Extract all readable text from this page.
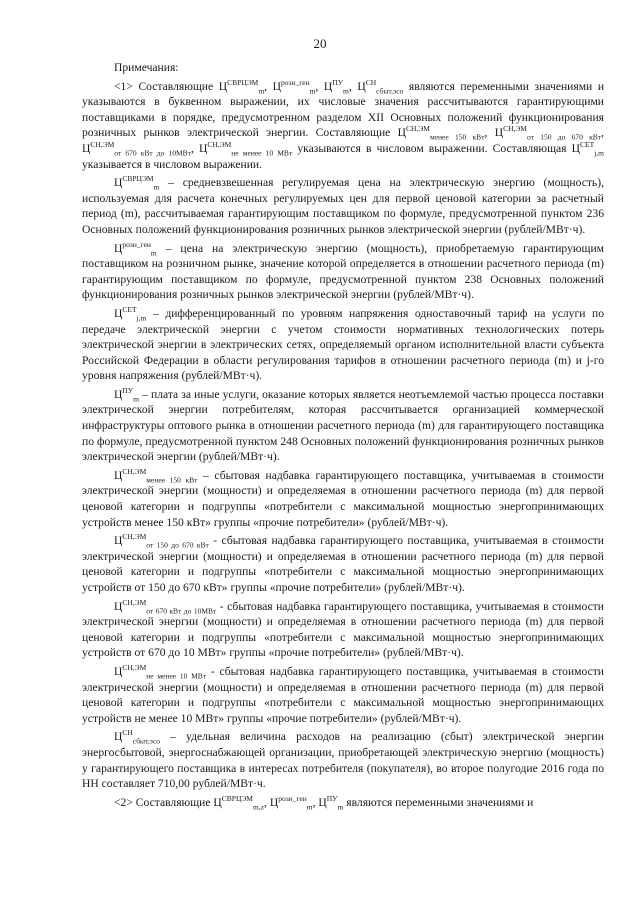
20

Примечания:

<1> Составляющие $Ц^{СВРЦЭМ}_m$, $Ц^{розн\_ген}_m$, $Ц^{ПУ}_m$, $Ц^{СН}_{сбыт,эсо}$ являются переменными значениями и указываются в буквенном выражении, их числовые значения рассчитываются гарантирующими поставщиками в порядке, предусмотренном разделом XII Основных положений функционирования розничных рынков электрической энергии. Составляющие $Ц^{СН,ЭМ}_{менее 150 кВт}$, $Ц^{СН,ЭМ}_{от 150 до 670 кВт}$, $Ц^{СН,ЭМ}_{от 670 кВт до 10МВт}$, $Ц^{СН,ЭМ}_{не менее 10 МВт}$ указываются в числовом выражении. Составляющая $Ц^{СЕТ}_{j,m}$ указывается в числовом выражении.

$Ц^{СВРЦЭМ}_m$ – средневзвешенная регулируемая цена на электрическую энергию (мощность), используемая для расчета конечных регулируемых цен для первой ценовой категории за расчетный период (m), рассчитываемая гарантирующим поставщиком по формуле, предусмотренной пунктом 236 Основных положений функционирования розничных рынков электрической энергии (рублей/МВт·ч).

$Ц^{розн\_ген}_m$ – цена на электрическую энергию (мощность), приобретаемую гарантирующим поставщиком на розничном рынке, значение которой определяется в отношении расчетного периода (m) гарантирующим поставщиком по формуле, предусмотренной пунктом 238 Основных положений функционирования розничных рынков электрической энергии (рублей/МВт·ч).

$Ц^{СЕТ}_{j,m}$ – дифференцированный по уровням напряжения одноставочный тариф на услуги по передаче электрической энергии с учетом стоимости нормативных технологических потерь электрической энергии в электрических сетях, определяемый органом исполнительной власти субъекта Российской Федерации в области регулирования тарифов в отношении расчетного периода (m) и j-го уровня напряжения (рублей/МВт·ч).

$Ц^{ПУ}_m$ – плата за иные услуги, оказание которых является неотъемлемой частью процесса поставки электрической энергии потребителям, которая рассчитывается организацией коммерческой инфраструктуры оптового рынка в отношении расчетного периода (m) для гарантирующего поставщика по формуле, предусмотренной пунктом 248 Основных положений функционирования розничных рынков электрической энергии (рублей/МВт·ч).

$Ц^{СН,ЭМ}_{менее 150 кВт}$ – сбытовая надбавка гарантирующего поставщика, учитываемая в стоимости электрической энергии (мощности) и определяемая в отношении расчетного периода (m) для первой ценовой категории и подгруппы «потребители с максимальной мощностью энергопринимающих устройств менее 150 кВт» группы «прочие потребители» (рублей/МВт·ч).

$Ц^{СН,ЭМ}_{от 150 до 670 кВт}$ - сбытовая надбавка гарантирующего поставщика, учитываемая в стоимости электрической энергии (мощности) и определяемая в отношении расчетного периода (m) для первой ценовой категории и подгруппы «потребители с максимальной мощностью энергопринимающих устройств от 150 до 670 кВт» группы «прочие потребители» (рублей/МВт·ч).

$Ц^{СН,ЭМ}_{от 670 кВт до 10МВт}$ - сбытовая надбавка гарантирующего поставщика, учитываемая в стоимости электрической энергии (мощности) и определяемая в отношении расчетного периода (m) для первой ценовой категории и подгруппы «потребители с максимальной мощностью энергопринимающих устройств от 670 до 10 МВт» группы «прочие потребители» (рублей/МВт·ч).

$Ц^{СН,ЭМ}_{не менее 10 МВт}$ - сбытовая надбавка гарантирующего поставщика, учитываемая в стоимости электрической энергии (мощности) и определяемая в отношении расчетного периода (m) для первой ценовой категории и подгруппы «потребители с максимальной мощностью энергопринимающих устройств не менее 10 МВт» группы «прочие потребители» (рублей/МВт·ч).

$Ц^{СН}_{сбыт,эсо}$ – удельная величина расходов на реализацию (сбыт) электрической энергии энергосбытовой, энергоснабжающей организации, приобретающей электрическую энергию (мощность) у гарантирующего поставщика в интересах потребителя (покупателя), во второе полугодие 2016 года по НН составляет 710,00 рублей/МВт·ч.

<2> Составляющие $Ц^{СВРЦЭМ}_{m,z}$, $Ц^{розн\_ген}_m$, $Ц^{ПУ}_m$ являются переменными значениями и
